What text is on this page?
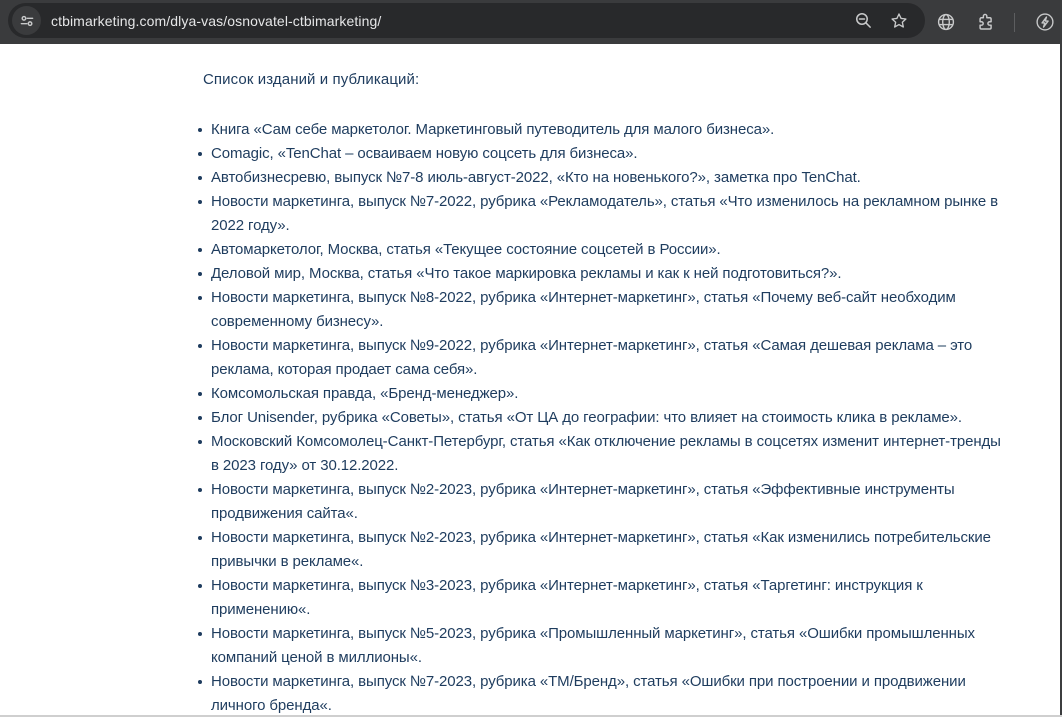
ctbimarketing.com/dlya-vas/osnovatel-ctbimarketing/
Список изданий и публикаций:
Книга «Сам себе маркетолог. Маркетинговый путеводитель для малого бизнеса».
Comagic, «TenChat – осваиваем новую соцсеть для бизнеса».
Автобизнесревю, выпуск №7-8 июль-август-2022, «Кто на новенького?», заметка про TenChat.
Новости маркетинга, выпуск №7-2022, рубрика «Рекламодатель», статья «Что изменилось на рекламном рынке в 2022 году».
Автомаркетолог, Москва, статья «Текущее состояние соцсетей в России».
Деловой мир, Москва, статья «Что такое маркировка рекламы и как к ней подготовиться?».
Новости маркетинга, выпуск №8-2022, рубрика «Интернет-маркетинг», статья «Почему веб-сайт необходим современному бизнесу».
Новости маркетинга, выпуск №9-2022, рубрика «Интернет-маркетинг», статья «Самая дешевая реклама – это реклама, которая продает сама себя».
Комсомольская правда, «Бренд-менеджер».
Блог Unisender, рубрика «Советы», статья «От ЦА до географии: что влияет на стоимость клика в рекламе».
Московский Комсомолец-Санкт-Петербург, статья «Как отключение рекламы в соцсетях изменит интернет-тренды в 2023 году» от 30.12.2022.
Новости маркетинга, выпуск №2-2023, рубрика «Интернет-маркетинг», статья «Эффективные инструменты продвижения сайта«.
Новости маркетинга, выпуск №2-2023, рубрика «Интернет-маркетинг», статья «Как изменились потребительские привычки в рекламе«.
Новости маркетинга, выпуск №3-2023, рубрика «Интернет-маркетинг», статья «Таргетинг: инструкция к применению«.
Новости маркетинга, выпуск №5-2023, рубрика «Промышленный маркетинг», статья «Ошибки промышленных компаний ценой в миллионы«.
Новости маркетинга, выпуск №7-2023, рубрика «ТМ/Бренд», статья «Ошибки при построении и продвижении личного бренда«.
